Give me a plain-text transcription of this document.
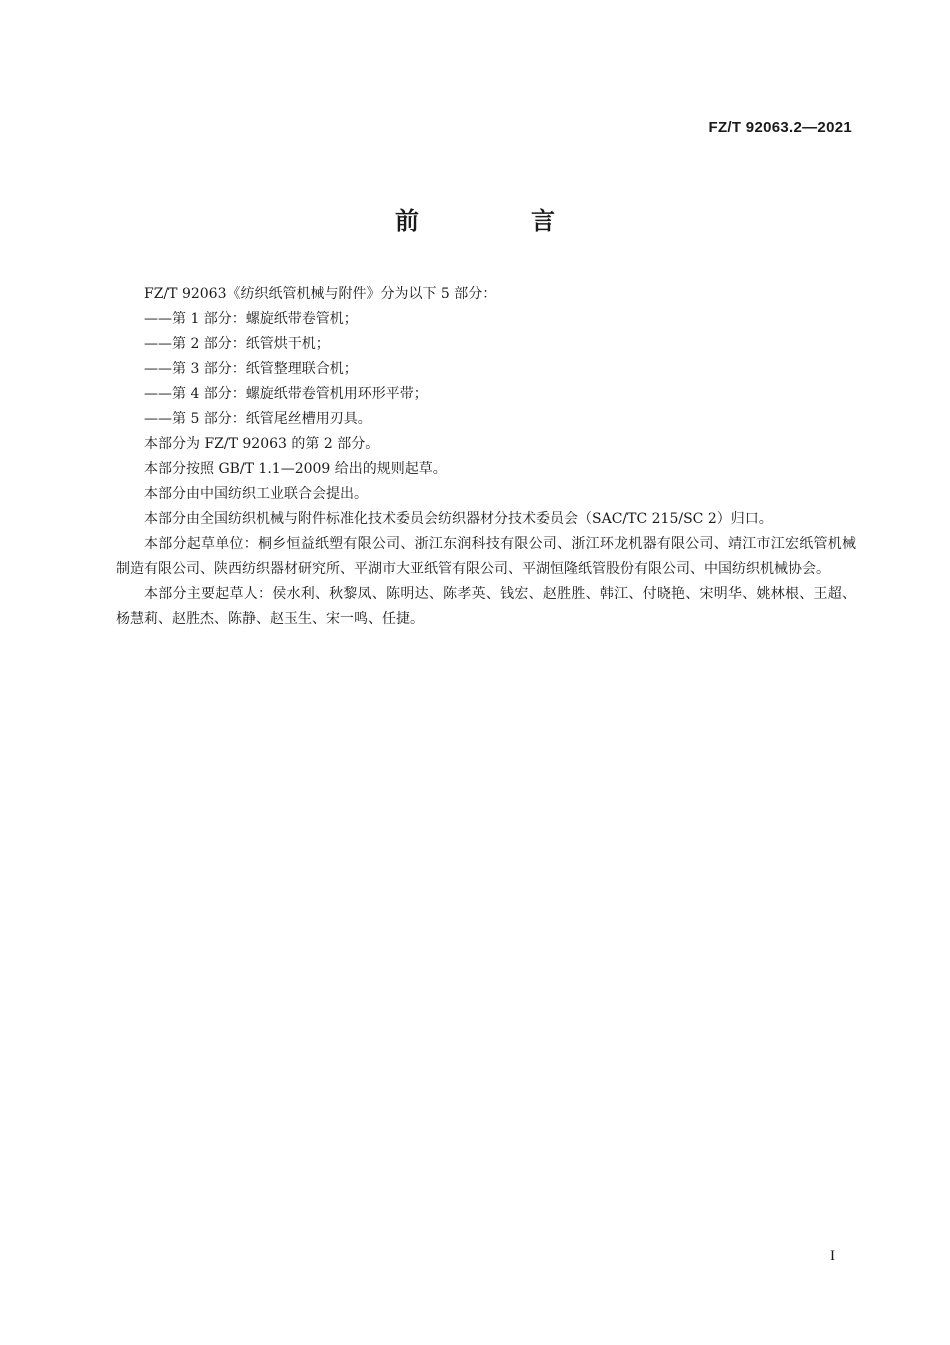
FZ/T 92063.2—2021
前　言

FZ/T 92063《纺织纸管机械与附件》分为以下 5 部分：

——第 1 部分：螺旋纸带卷管机；

——第 2 部分：纸管烘干机；

——第 3 部分：纸管整理联合机；

——第 4 部分：螺旋纸带卷管机用环形平带；

——第 5 部分：纸管尾丝槽用刃具。

本部分为 FZ/T 92063 的第 2 部分。

本部分按照 GB/T 1.1—2009 给出的规则起草。

本部分由中国纺织工业联合会提出。

本部分由全国纺织机械与附件标准化技术委员会纺织器材分技术委员会（SAC/TC 215/SC 2）归口。

本部分起草单位：桐乡恒益纸塑有限公司、浙江东润科技有限公司、浙江环龙机器有限公司、靖江市江宏纸管机械制造有限公司、陕西纺织器材研究所、平湖市大亚纸管有限公司、平湖恒隆纸管股份有限公司、中国纺织机械协会。

本部分主要起草人：侯水利、秋黎凤、陈明达、陈孝英、钱宏、赵胜胜、韩江、付晓艳、宋明华、姚林根、王超、杨慧莉、赵胜杰、陈静、赵玉生、宋一鸣、任捷。

I
